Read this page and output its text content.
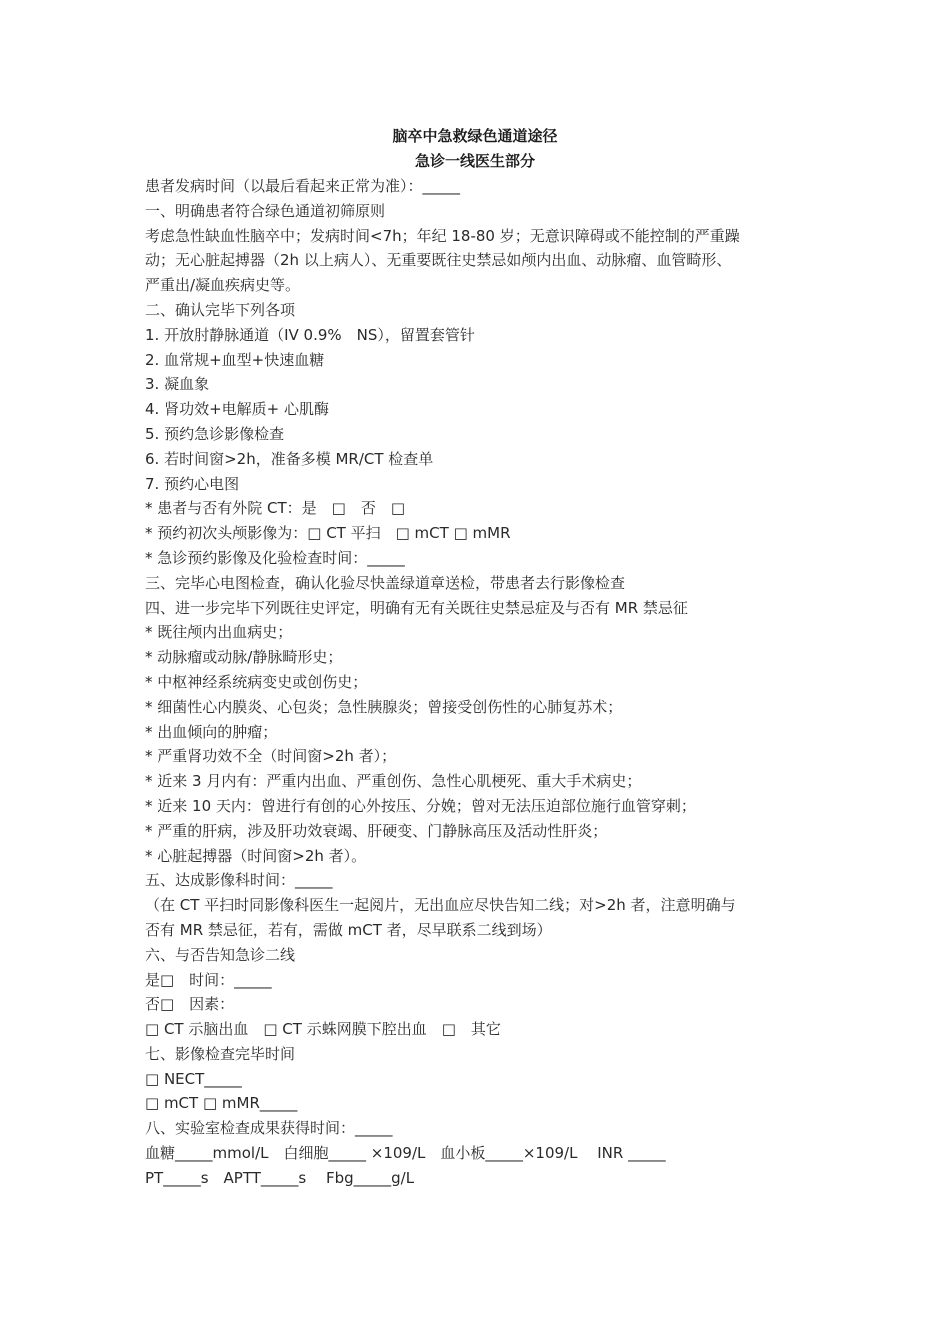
脑卒中急救绿色通道途径
急诊一线医生部分
患者发病时间（以最后看起来正常为准）：_____
一、明确患者符合绿色通道初筛原则
考虑急性缺血性脑卒中；发病时间<7h；年纪 18-80 岁；无意识障碍或不能控制的严重躁
动；无心脏起搏器（2h 以上病人）、无重要既往史禁忌如颅内出血、动脉瘤、血管畸形、
严重出/凝血疾病史等。
二、确认完毕下列各项
1. 开放肘静脉通道（IV 0.9%　NS），留置套管针
2. 血常规+血型+快速血糖
3. 凝血象
4. 肾功效+电解质+ 心肌酶
5. 预约急诊影像检查
6. 若时间窗>2h，准备多模 MR/CT 检查单
7. 预约心电图
* 患者与否有外院 CT：是　□　否　□
* 预约初次头颅影像为：□ CT 平扫　□ mCT □ mMR
* 急诊预约影像及化验检查时间：_____
三、完毕心电图检查，确认化验尽快盖绿道章送检，带患者去行影像检查
四、进一步完毕下列既往史评定，明确有无有关既往史禁忌症及与否有 MR 禁忌征
* 既往颅内出血病史；
* 动脉瘤或动脉/静脉畸形史；
* 中枢神经系统病变史或创伤史；
* 细菌性心内膜炎、心包炎；急性胰腺炎；曾接受创伤性的心肺复苏术；
* 出血倾向的肿瘤；
* 严重肾功效不全（时间窗>2h 者）；
* 近来 3 月内有：严重内出血、严重创伤、急性心肌梗死、重大手术病史；
* 近来 10 天内：曾进行有创的心外按压、分娩；曾对无法压迫部位施行血管穿刺；
* 严重的肝病，涉及肝功效衰竭、肝硬变、门静脉高压及活动性肝炎；
* 心脏起搏器（时间窗>2h 者）。
五、达成影像科时间：_____
（在 CT 平扫时同影像科医生一起阅片，无出血应尽快告知二线；对>2h 者，注意明确与
否有 MR 禁忌征，若有，需做 mCT 者，尽早联系二线到场）
六、与否告知急诊二线
是□　时间：_____
否□　因素：
□ CT 示脑出血　□ CT 示蛛网膜下腔出血　□　其它
七、影像检查完毕时间
□ NECT_____
□ mCT □ mMR_____
八、实验室检查成果获得时间：_____
血糖_____mmol/L　白细胞_____ ×109/L　血小板_____×109/L　 INR _____
PT_____s　APTT_____s　 Fbg_____g/L
